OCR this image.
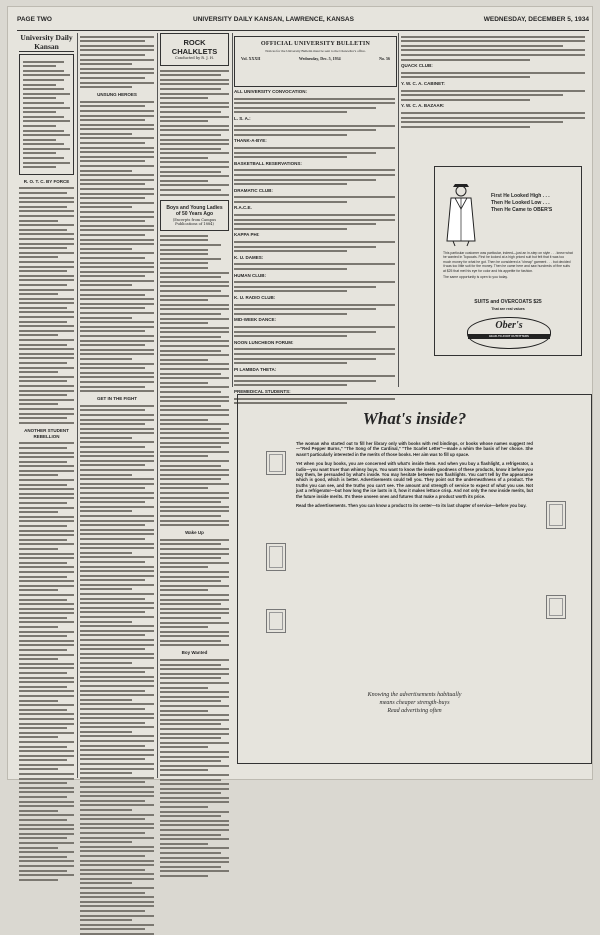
PAGE TWO	UNIVERSITY DAILY KANSAN, LAWRENCE, KANSAS	WEDNESDAY, DECEMBER 5, 1934
University Daily Kansan
R. O. T. C. BY FORCE
ANOTHER STUDENT REBELLION
UNSUNG HEROES
GET IN THE FIGHT
ROCK
CHALKLETS
Conducted by R. J. H.
Boys and Young Ladies of 50 Years Ago
(Excerpts from Campus Publications of 1884)
Wake Up
Boy Wanted
OFFICIAL UNIVERSITY BULLETIN
Notices for the University Bulletin must be sent to the Chancellor's office.
Vol. XXXII	Wednesday, Dec. 5, 1934	No. 56
ALL UNIVERSITY CONVOCATION:
L. S. A.:
THANK-A-BYE:
BASKETBALL RESERVATIONS:
DRAMATIC CLUB:
R.A.C.E.
KAPPA PHI:
K. U. DAMES:
HUMAN CLUB:
K. U. RADIO CLUB:
MID-WEEK DANCE:
NOON LUNCHEON FORUM:
PI LAMBDA THETA:
PREMEDICAL STUDENTS:
QUACK CLUB:
Y. W. C. A. CABINET:
Y. W. C. A. BAZAAR:
First He Looked High . . .
Then He Looked Low . . .
Then He Came to OBER'S
This particular customer was particular, indeed—just an in-step on style . . . knew what he wanted in Topcoats. First he looked at a high priced suit but felt that it was too much money for what he got. Then he considered a "cheap" garment . . . but decided it was too little suit for the money. Then he came here and saw hundreds of fine suits at $25 that met his eye for color and his appetite for fashion.
The same opportunity is open to you today.
SUITS and OVERCOATS $25
That are real values
Ober's
HEAD-TO-FOOT OUTFITTERS
What's inside?

The woman who started out to fill her library only with books with red bindings, or books whose names suggest red—"Red Pepper Burns," "The Song of the Cardinal," "The Scarlet Letter"—made a whim the basis of her choice. She wasn't particularly interested in the merits of those books. Her aim was to fill up space.

Yet when you buy books, you are concerned with what's inside them. And when you buy a flashlight, a refrigerator, a radio—you want truer than whimsy buys. You want to know the inside goodness of these products, know it before you buy them, be persuaded by what's inside. You may hesitate between two flashlights. You can't tell by the appearance which is good, which is better. Advertisements could tell you. They point out the underneathness of a product. The truths you can see, and the truths you can't see. The amount and strength of service to expect of what you use. Not just a refrigerator—but how long the ice lasts in it, how it makes lettuce crisp. And not only the now inside merits, but the future inside merits. It's these unseen ones and futures that make a product worth its price.

Read the advertisements. Then you can know a product to its center—to its last chapter of service—before you buy.

Knowing the advertisements habitually
means cheaper strength-buys
Read advertising often
